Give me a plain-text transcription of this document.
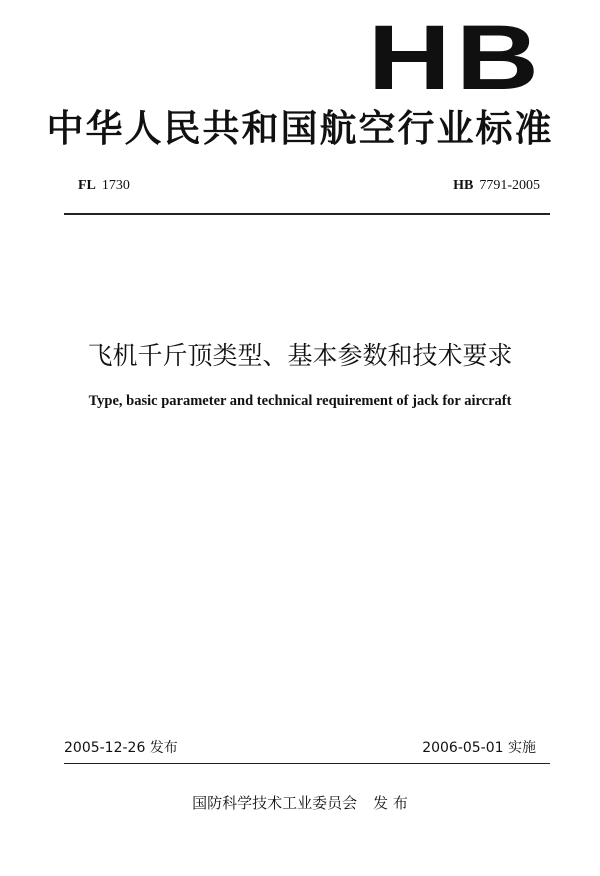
HB
中华人民共和国航空行业标准
FL 1730	HB 7791-2005
飞机千斤顶类型、基本参数和技术要求
Type, basic parameter and technical requirement of jack for aircraft
2005-12-26 发布	2006-05-01 实施
国防科学技术工业委员会 发 布
